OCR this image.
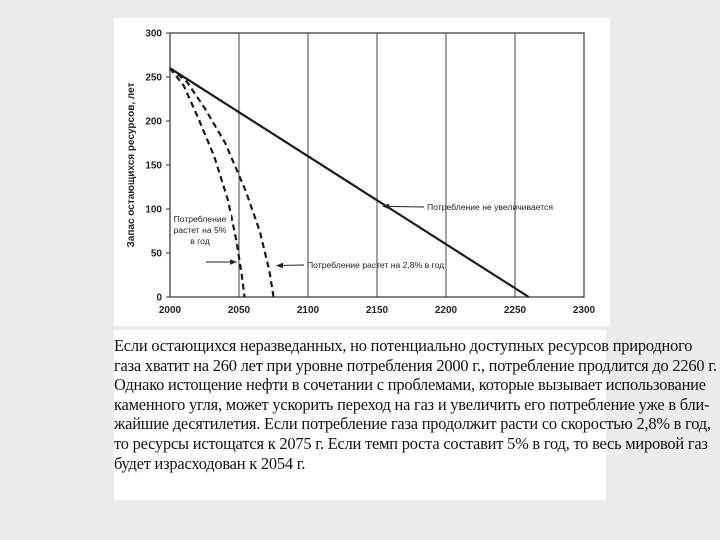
0
50
100
150
200
250
300
2000	2050	2100	2150	2200	2250	2300
Запас остающихся ресурсов, лет	Потребление не увеличивается
Потребление растет на 2,8% в год
Потребление
растет на 5%
в год

Если остающихся неразведанных, но потенциально доступных ресурсов природного
газа хватит на 260 лет при уровне потребления 2000 г., потребление продлится до 2260 г.
Однако истощение нефти в сочетании с проблемами, которые вызывает использование
каменного угля, может ускорить переход на газ и увеличить его потребление уже в бли-
жайшие десятилетия. Если потребление газа продолжит расти со скоростью 2,8% в год,
то ресурсы истощатся к 2075 г. Если темп роста составит 5% в год, то весь мировой газ
будет израсходован к 2054 г.
